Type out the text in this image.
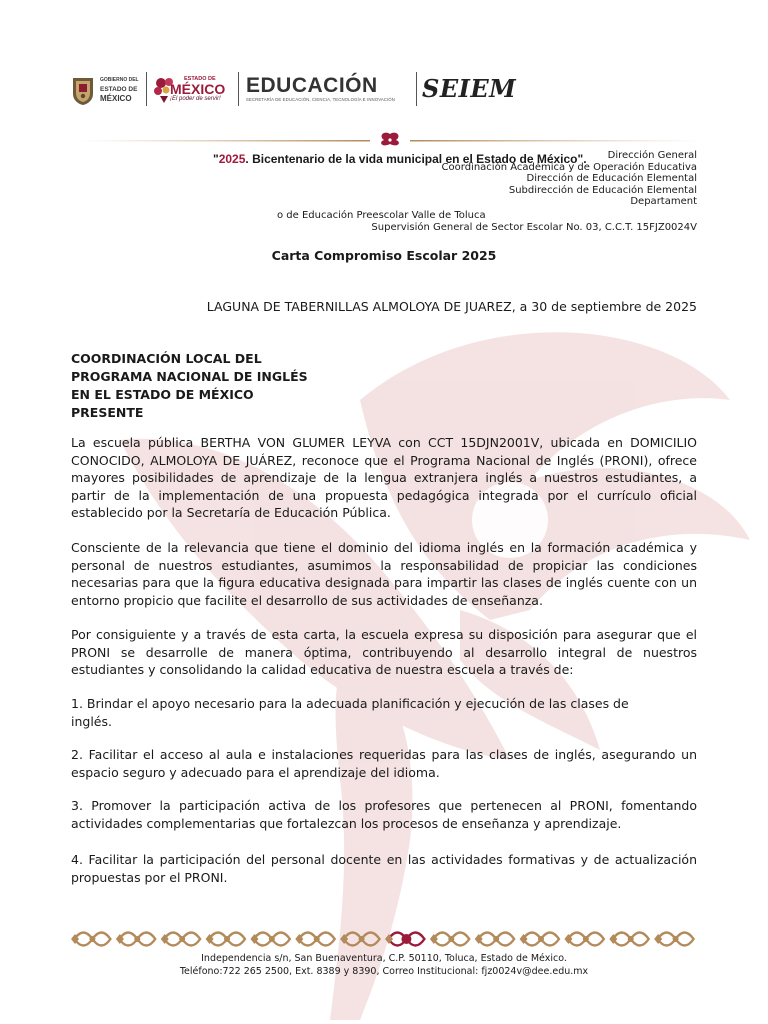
GOBIERNO DEL
ESTADO DE
MÉXICO
ESTADO DE
MÉXICO
¡El poder de servir!
EDUCACIÓN
SECRETARÍA DE EDUCACIÓN, CIENCIA, TECNOLOGÍA E INNOVACIÓN SEIEM
"2025. Bicentenario de la vida municipal en el Estado de México".	Dirección General
Coordinación Académica y de Operación Educativa
Dirección de Educación Elemental
Subdirección de Educación Elemental
Departament
o de Educación Preescolar Valle de Toluca
Supervisión General de Sector Escolar No. 03, C.C.T. 15FJZ0024V
Carta Compromiso Escolar 2025
LAGUNA DE TABERNILLAS ALMOLOYA DE JUAREZ, a 30 de septiembre de 2025
COORDINACIÓN LOCAL DEL
PROGRAMA NACIONAL DE INGLÉS
EN EL ESTADO DE MÉXICO
PRESENTE
La escuela pública BERTHA VON GLUMER LEYVA con CCT 15DJN2001V, ubicada en DOMICILIO CONOCIDO, ALMOLOYA DE JUÁREZ, reconoce que el Programa Nacional de Inglés (PRONI), ofrece mayores posibilidades de aprendizaje de la lengua extranjera inglés a nuestros estudiantes, a partir de la implementación de una propuesta pedagógica integrada por el currículo oficial establecido por la Secretaría de Educación Pública.
Consciente de la relevancia que tiene el dominio del idioma inglés en la formación académica y personal de nuestros estudiantes, asumimos la responsabilidad de propiciar las condiciones necesarias para que la figura educativa designada para impartir las clases de inglés cuente con un entorno propicio que facilite el desarrollo de sus actividades de enseñanza.
Por consiguiente y a través de esta carta, la escuela expresa su disposición para asegurar que el PRONI se desarrolle de manera óptima, contribuyendo al desarrollo integral de nuestros estudiantes y consolidando la calidad educativa de nuestra escuela a través de:
1. Brindar el apoyo necesario para la adecuada planificación y ejecución de las clases de inglés.
2. Facilitar el acceso al aula e instalaciones requeridas para las clases de inglés, asegurando un espacio seguro y adecuado para el aprendizaje del idioma.
3. Promover la participación activa de los profesores que pertenecen al PRONI, fomentando actividades complementarias que fortalezcan los procesos de enseñanza y aprendizaje.
4. Facilitar la participación del personal docente en las actividades formativas y de actualización propuestas por el PRONI.
Independencia s/n, San Buenaventura, C.P. 50110, Toluca, Estado de México.
Teléfono:722 265 2500, Ext. 8389 y 8390, Correo Institucional: fjz0024v@dee.edu.mx
